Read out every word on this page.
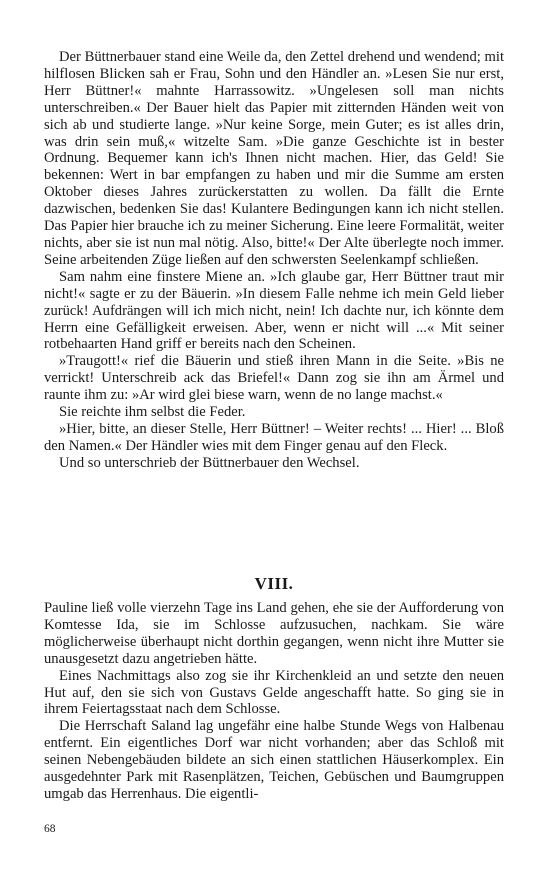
Der Büttnerbauer stand eine Weile da, den Zettel drehend und wendend; mit hilflosen Blicken sah er Frau, Sohn und den Händler an. »Lesen Sie nur erst, Herr Büttner!« mahnte Harrassowitz. »Ungelesen soll man nichts unterschreiben.« Der Bauer hielt das Papier mit zitternden Händen weit von sich ab und studierte lange. »Nur keine Sorge, mein Guter; es ist alles drin, was drin sein muß,« witzelte Sam. »Die ganze Geschichte ist in bester Ordnung. Bequemer kann ich's Ihnen nicht machen. Hier, das Geld! Sie bekennen: Wert in bar empfangen zu haben und mir die Summe am ersten Oktober dieses Jahres zurückerstatten zu wollen. Da fällt die Ernte dazwischen, bedenken Sie das! Kulantere Bedingungen kann ich nicht stellen. Das Papier hier brauche ich zu meiner Sicherung. Eine leere Formalität, weiter nichts, aber sie ist nun mal nötig. Also, bitte!« Der Alte überlegte noch immer. Seine arbeitenden Züge ließen auf den schwersten Seelenkampf schließen.

Sam nahm eine finstere Miene an. »Ich glaube gar, Herr Büttner traut mir nicht!« sagte er zu der Bäuerin. »In diesem Falle nehme ich mein Geld lieber zurück! Aufdrängen will ich mich nicht, nein! Ich dachte nur, ich könnte dem Herrn eine Gefälligkeit erweisen. Aber, wenn er nicht will ...« Mit seiner rotbehaarten Hand griff er bereits nach den Scheinen.

»Traugott!« rief die Bäuerin und stieß ihren Mann in die Seite. »Bis ne verrickt! Unterschreib ack das Briefel!« Dann zog sie ihn am Ärmel und raunte ihm zu: »Ar wird glei biese warn, wenn de no lange machst.«

Sie reichte ihm selbst die Feder.

»Hier, bitte, an dieser Stelle, Herr Büttner! – Weiter rechts! ... Hier! ... Bloß den Namen.« Der Händler wies mit dem Finger genau auf den Fleck.

Und so unterschrieb der Büttnerbauer den Wechsel.

VIII.

Pauline ließ volle vierzehn Tage ins Land gehen, ehe sie der Aufforderung von Komtesse Ida, sie im Schlosse aufzusuchen, nachkam. Sie wäre möglicherweise überhaupt nicht dorthin gegangen, wenn nicht ihre Mutter sie unausgesetzt dazu angetrieben hätte.

Eines Nachmittags also zog sie ihr Kirchenkleid an und setzte den neuen Hut auf, den sie sich von Gustavs Gelde angeschafft hatte. So ging sie in ihrem Feiertagsstaat nach dem Schlosse.

Die Herrschaft Saland lag ungefähr eine halbe Stunde Wegs von Halbenau entfernt. Ein eigentliches Dorf war nicht vorhanden; aber das Schloß mit seinen Nebengebäuden bildete an sich einen stattlichen Häuserkomplex. Ein ausgedehnter Park mit Rasenplätzen, Teichen, Gebüschen und Baumgruppen umgab das Herrenhaus. Die eigentli-

68
